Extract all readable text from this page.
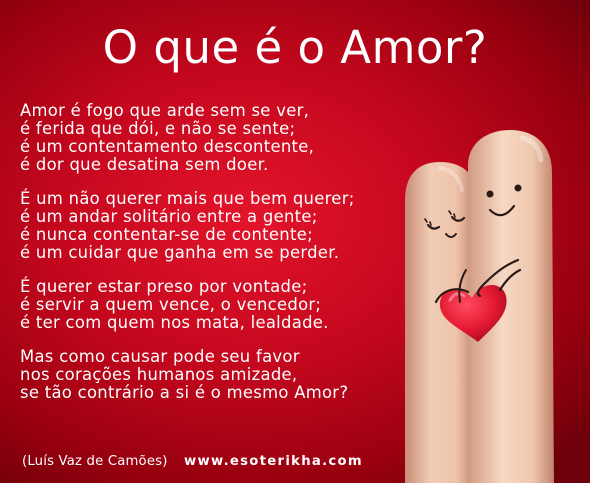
O que é o Amor?
Amor é fogo que arde sem se ver,
é ferida que dói, e não se sente;
é um contentamento descontente,
é dor que desatina sem doer.
É um não querer mais que bem querer;
é um andar solitário entre a gente;
é nunca contentar-se de contente;
é um cuidar que ganha em se perder.
É querer estar preso por vontade;
é servir a quem vence, o vencedor;
é ter com quem nos mata, lealdade.
Mas como causar pode seu favor
nos corações humanos amizade,
se tão contrário a si é o mesmo Amor?
(Luís Vaz de Camões) www.esoterikha.com
